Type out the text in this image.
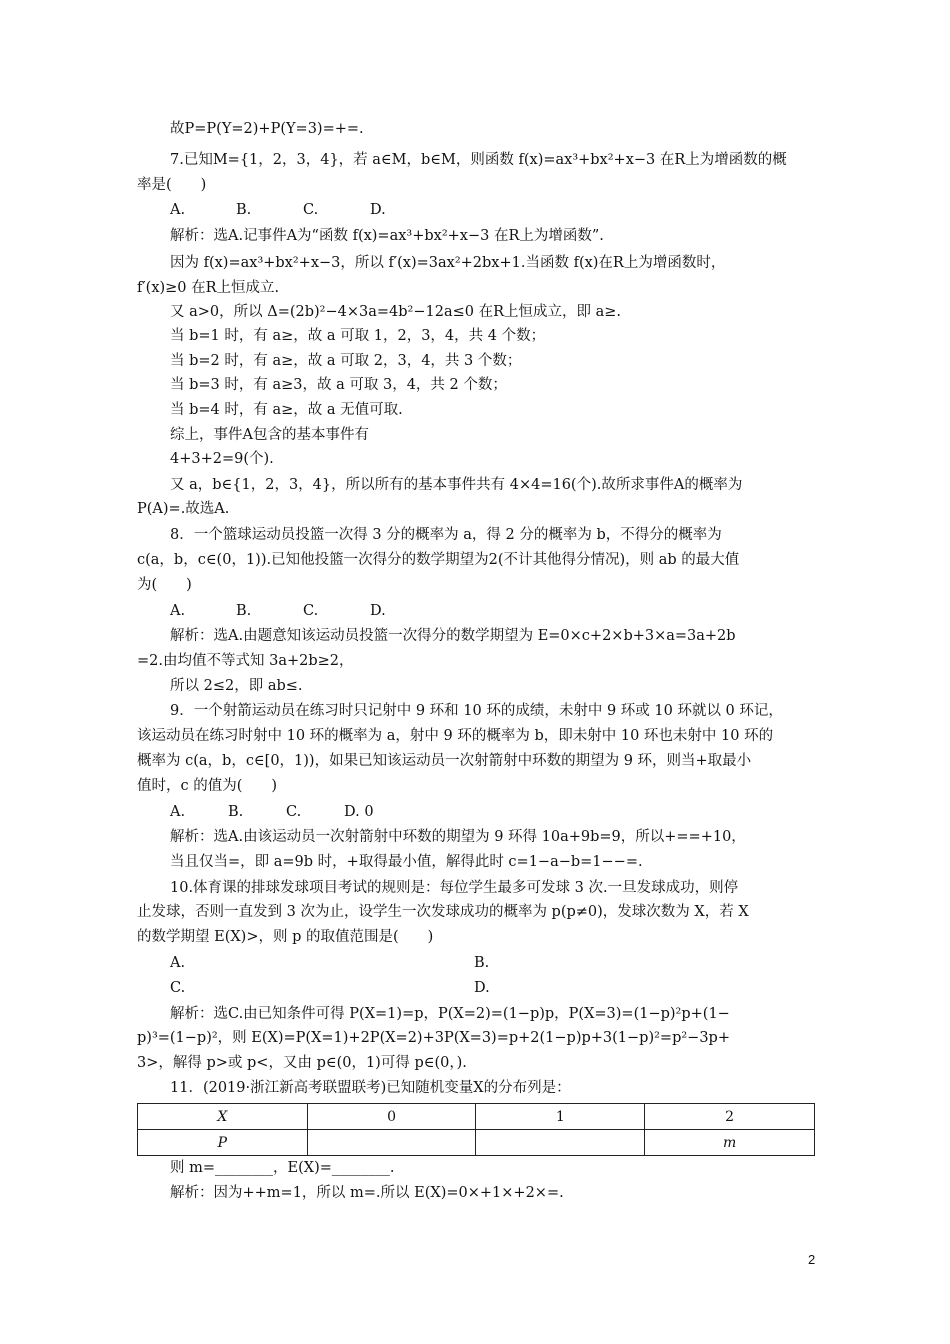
故P=P(Y=2)+P(Y=3)=+=.
7.已知M={1，2，3，4}，若 a∈M，b∈M，则函数 f(x)=ax³+bx²+x−3 在R上为增函数的概
率是(　　)
A.	B.	C.	D.
解析：选A.记事件A为“函数 f(x)=ax³+bx²+x−3 在R上为增函数”.
因为 f(x)=ax³+bx²+x−3，所以 f′(x)=3ax²+2bx+1.当函数 f(x)在R上为增函数时，
f′(x)≥0 在R上恒成立.
又 a>0，所以 Δ=(2b)²−4×3a=4b²−12a≤0 在R上恒成立，即 a≥.
当 b=1 时，有 a≥，故 a 可取 1，2，3，4，共 4 个数；
当 b=2 时，有 a≥，故 a 可取 2，3，4，共 3 个数；
当 b=3 时，有 a≥3，故 a 可取 3，4，共 2 个数；
当 b=4 时，有 a≥，故 a 无值可取.
综上，事件A包含的基本事件有
4+3+2=9(个).
又 a，b∈{1，2，3，4}，所以所有的基本事件共有 4×4=16(个).故所求事件A的概率为
P(A)=.故选A.
8．一个篮球运动员投篮一次得 3 分的概率为 a，得 2 分的概率为 b，不得分的概率为
c(a，b，c∈(0，1)).已知他投篮一次得分的数学期望为2(不计其他得分情况)，则 ab 的最大值
为(　　)
A.	B.	C.	D.
解析：选A.由题意知该运动员投篮一次得分的数学期望为 E=0×c+2×b+3×a=3a+2b
=2.由均值不等式知 3a+2b≥2，
所以 2≤2，即 ab≤.
9．一个射箭运动员在练习时只记射中 9 环和 10 环的成绩，未射中 9 环或 10 环就以 0 环记，
该运动员在练习时射中 10 环的概率为 a，射中 9 环的概率为 b，即未射中 10 环也未射中 10 环的
概率为 c(a，b，c∈[0，1))，如果已知该运动员一次射箭射中环数的期望为 9 环，则当+取最小
值时，c 的值为(　　)
A.	B.	C.	D. 0
解析：选A.由该运动员一次射箭射中环数的期望为 9 环得 10a+9b=9，所以+==+10，
当且仅当=，即 a=9b 时，+取得最小值，解得此时 c=1−a−b=1−−=.
10.体育课的排球发球项目考试的规则是：每位学生最多可发球 3 次.一旦发球成功，则停
止发球，否则一直发到 3 次为止，设学生一次发球成功的概率为 p(p≠0)，发球次数为 X，若 X
的数学期望 E(X)>，则 p 的取值范围是(　　)
A.	B.
C.	D.
解析：选C.由已知条件可得 P(X=1)=p，P(X=2)=(1−p)p，P(X=3)=(1−p)²p+(1−
p)³=(1−p)²，则 E(X)=P(X=1)+2P(X=2)+3P(X=3)=p+2(1−p)p+3(1−p)²=p²−3p+
3>，解得 p>或 p<，又由 p∈(0，1)可得 p∈(0，).
11．(2019·浙江新高考联盟联考)已知随机变量X的分布列是：
X	0	1	2
P			m
则 m=________，E(X)=________.
解析：因为++m=1，所以 m=.所以 E(X)=0×+1×+2×=.
2
